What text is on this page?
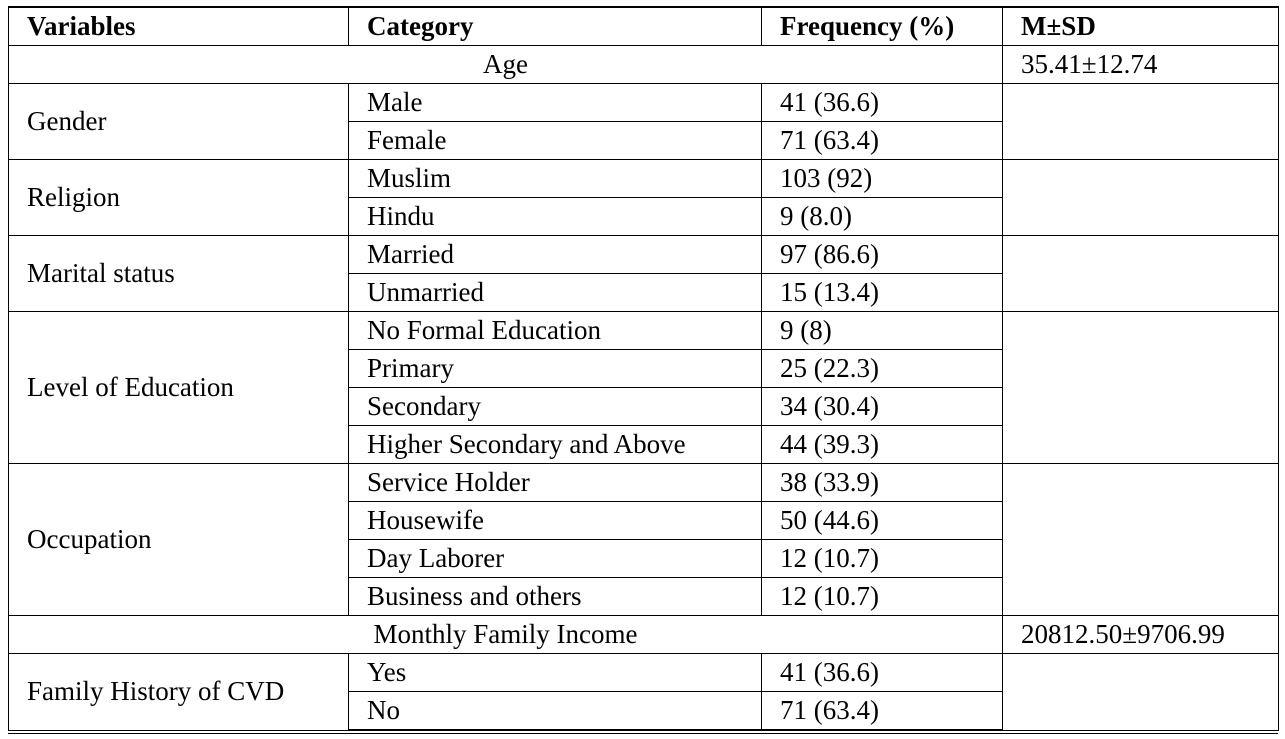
Variables	Category	Frequency (%)	M±SD
Age			35.41±12.74
Gender	Male	41 (36.6)	
	Female	71 (63.4)	
Religion	Muslim	103 (92)	
	Hindu	9 (8.0)	
Marital status	Married	97 (86.6)	
	Unmarried	15 (13.4)	
Level of Education	No Formal Education	9 (8)	
	Primary	25 (22.3)	
	Secondary	34 (30.4)	
	Higher Secondary and Above	44 (39.3)	
Occupation	Service Holder	38 (33.9)	
	Housewife	50 (44.6)	
	Day Laborer	12 (10.7)	
	Business and others	12 (10.7)	
Monthly Family Income			20812.50±9706.99
Family History of CVD	Yes	41 (36.6)	
	No	71 (63.4)	
